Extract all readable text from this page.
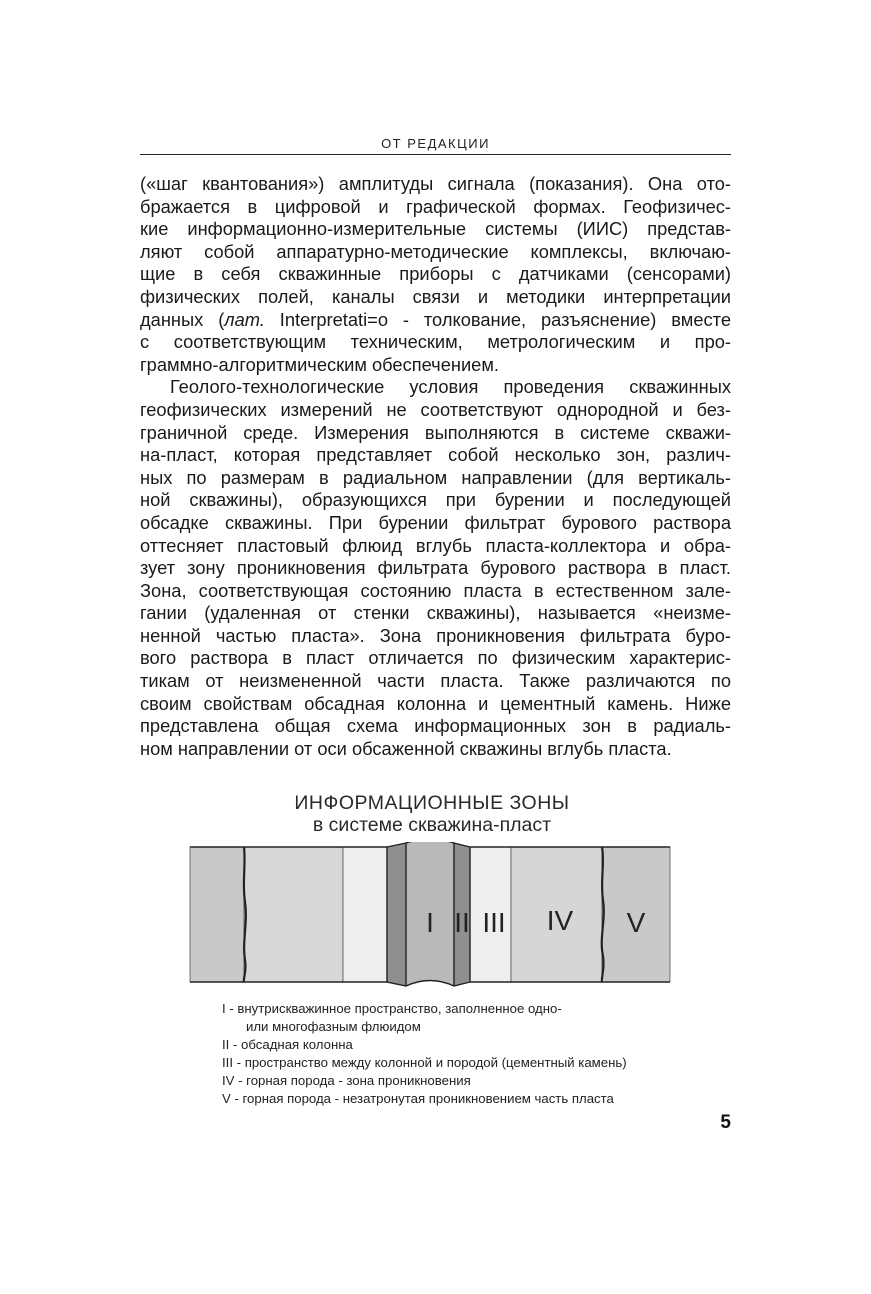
ОТ РЕДАКЦИИ
(«шаг квантования») амплитуды сигнала (показания). Она ото-
бражается в цифровой и графической формах. Геофизичес-
кие информационно-измерительные системы (ИИС) представ-
ляют собой аппаратурно-методические комплексы, включаю-
щие в себя скважинные приборы с датчиками (сенсорами)
физических полей, каналы связи и методики интерпретации
данных (лат. Interpretati=o - толкование, разъяснение) вместе
с соответствующим техническим, метрологическим и про-
граммно-алгоритмическим обеспечением.
Геолого-технологические условия проведения скважинных
геофизических измерений не соответствуют однородной и без-
граничной среде. Измерения выполняются в системе скважи-
на-пласт, которая представляет собой несколько зон, различ-
ных по размерам в радиальном направлении (для вертикаль-
ной скважины), образующихся при бурении и последующей
обсадке скважины. При бурении фильтрат бурового раствора
оттесняет пластовый флюид вглубь пласта-коллектора и обра-
зует зону проникновения фильтрата бурового раствора в пласт.
Зона, соответствующая состоянию пласта в естественном зале-
гании (удаленная от стенки скважины), называется «неизме-
ненной частью пласта». Зона проникновения фильтрата буро-
вого раствора в пласт отличается по физическим характерис-
тикам от неизмененной части пласта. Также различаются по
своим свойствам обсадная колонна и цементный камень. Ниже
представлена общая схема информационных зон в радиаль-
ном направлении от оси обсаженной скважины вглубь пласта.
ИНФОРМАЦИОННЫЕ ЗОНЫ
в системе скважина-пласт
I II III IV V
I - внутрискважинное пространство, заполненное одно-
или многофазным флюидом
II - обсадная колонна
III - пространство между колонной и породой (цементный камень)
IV - горная порода - зона проникновения
V - горная порода - незатронутая проникновением часть пласта
5
